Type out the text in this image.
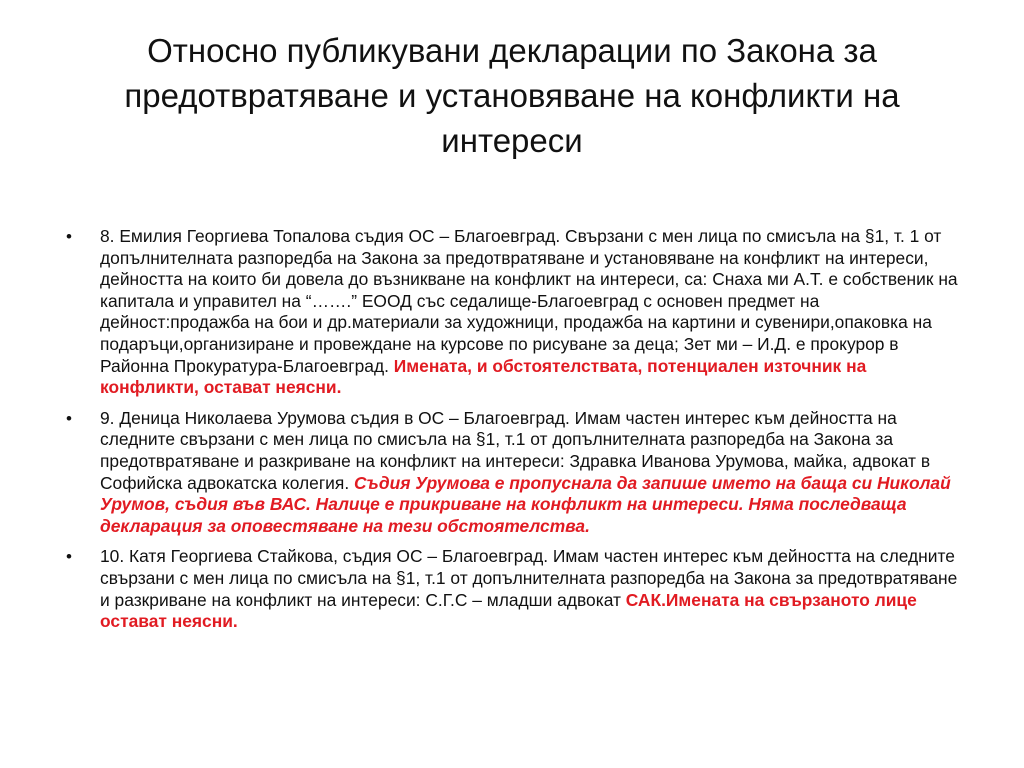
Относно публикувани декларации по Закона за
предотвратяване и установяване на конфликти на
интереси
•	8. Емилия Георгиева Топалова съдия ОС – Благоевград. Свързани с мен лица по смисъла на §1, т. 1 от допълнителната разпоредба на Закона за предотвратяване и установяване на конфликт на интереси, дейността на които би довела до възникване на конфликт на интереси, са: Снаха ми А.Т. е собственик на капитала и управител на “…….” ЕООД със седалище-Благоевград с основен предмет на дейност:продажба на бои и др.материали за художници, продажба на картини и сувенири,опаковка на подаръци,организиране и провеждане на курсове по рисуване за деца; Зет ми – И.Д. е прокурор в Районна Прокуратура-Благоевград. Имената, и обстоятелствата, потенциален източник на конфликти, остават неясни.
•	9. Деница Николаева Урумова съдия в ОС – Благоевград. Имам частен интерес към дейността на следните свързани с мен лица по смисъла на §1, т.1 от допълнителната разпоредба на Закона за предотвратяване и разкриване на конфликт на интереси: Здравка Иванова Урумова, майка, адвокат в Софийска адвокатска колегия. Съдия Урумова е пропуснала да запише името на баща си Николай Урумов, съдия във ВАС. Налице е прикриване на конфликт на интереси. Няма последваща декларация за оповестяване на тези обстоятелства.
•	10. Катя Георгиева Стайкова, съдия ОС – Благоевград. Имам частен интерес към дейността на следните свързани с мен лица по смисъла на §1, т.1 от допълнителната разпоредба на Закона за предотвратяване и разкриване на конфликт на интереси: С.Г.С – младши адвокат САК.Имената на свързаното лице остават неясни.
